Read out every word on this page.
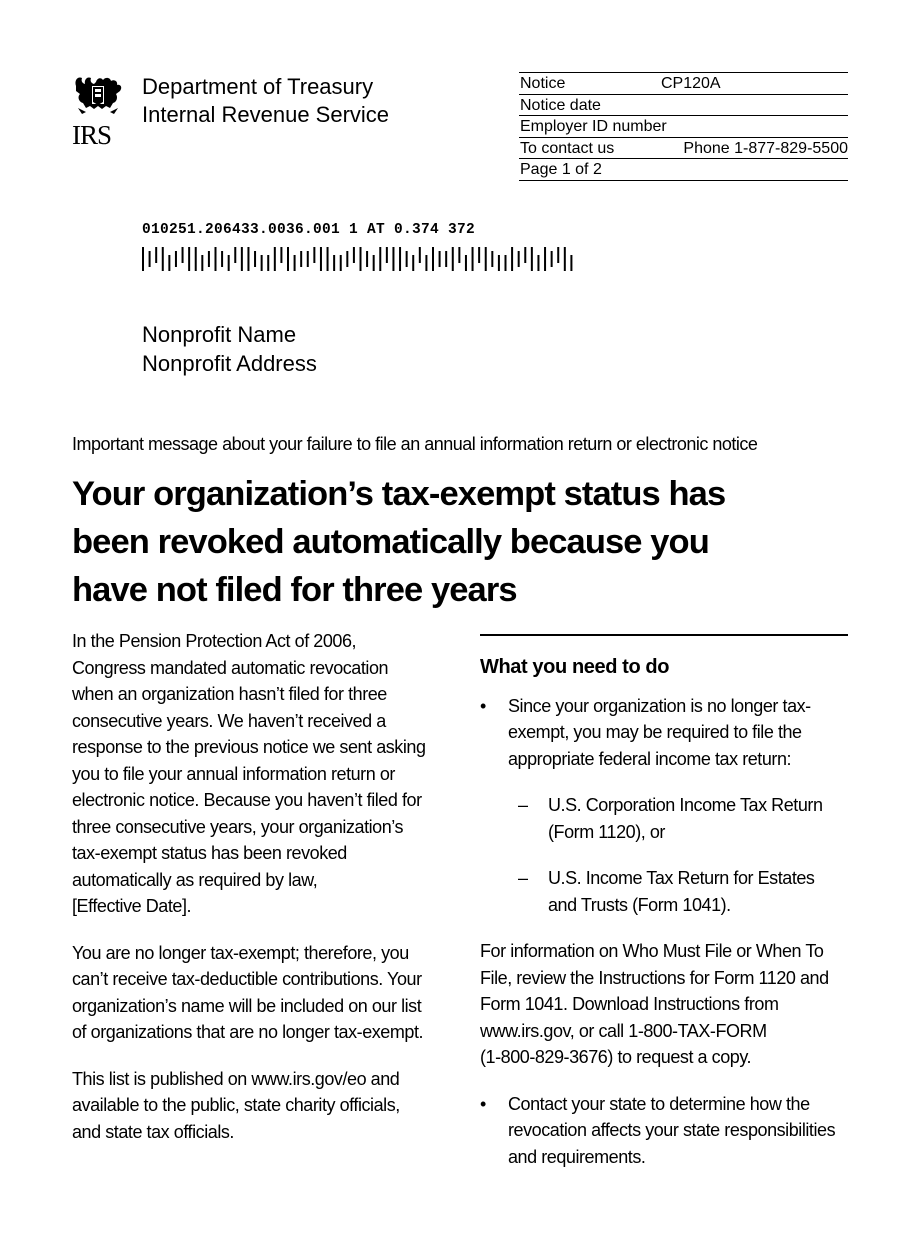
IRS
Department of Treasury
Internal Revenue Service
Notice	CP120A
Notice date
Employer ID number
To contact us	Phone 1-877-829-5500
Page 1 of 2
010251.206433.0036.001 1 AT 0.374 372
Nonprofit Name
Nonprofit Address
Important message about your failure to file an annual information return or electronic notice
Your organization’s tax-exempt status has
been revoked automatically because you
have not filed for three years

In the Pension Protection Act of 2006,
Congress mandated automatic revocation
when an organization hasn’t filed for three
consecutive years. We haven’t received a
response to the previous notice we sent asking
you to file your annual information return or
electronic notice. Because you haven’t filed for
three consecutive years, your organization’s
tax-exempt status has been revoked
automatically as required by law,
[Effective Date].

You are no longer tax-exempt; therefore, you
can’t receive tax-deductible contributions. Your
organization’s name will be included on our list
of organizations that are no longer tax-exempt.

This list is published on www.irs.gov/eo and
available to the public, state charity officials,
and state tax officials.

What you need to do

• Since your organization is no longer tax-
exempt, you may be required to file the
appropriate federal income tax return:

– U.S. Corporation Income Tax Return
(Form 1120), or

– U.S. Income Tax Return for Estates
and Trusts (Form 1041).

For information on Who Must File or When To
File, review the Instructions for Form 1120 and
Form 1041. Download Instructions from
www.irs.gov, or call 1-800-TAX-FORM
(1-800-829-3676) to request a copy.

• Contact your state to determine how the
revocation affects your state responsibilities
and requirements.
